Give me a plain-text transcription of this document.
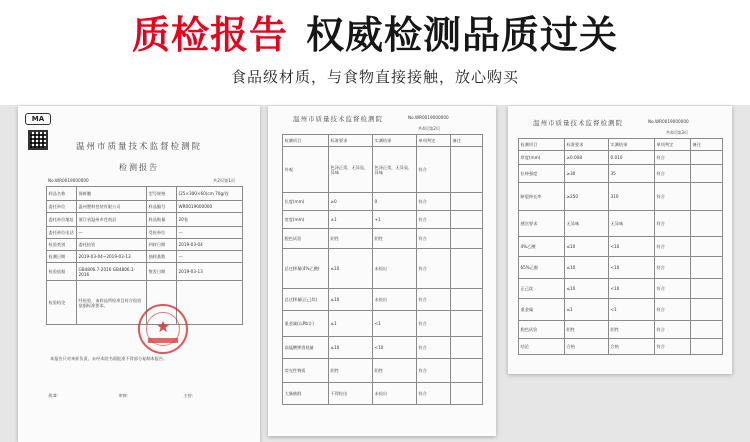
质检报告 权威检测品质过关
食品级材质，与食物直接接触，放心购买
MA
温州市质量技术监督检测院
检测报告
No.WR0019000000	共2页第1页
样品名称	保鲜膜	型号规格	(25×300×60)cm 70g/卷
委托单位	温州塑料包装有限公司	样品编号	WR0019000000
委托单位地址	浙江省温州市苍南县	样品数量	20卷
委托单位电话	—	受检单位	—
检验类别	委托检验	到样日期	2019-03-04
检测日期	2019-03-04~2019-03-13	抽样基数	—
检验依据	GB4806.7-2016 GB4806.1-2016	签发日期	2019-03-13
检验结论	经检验，该样品所检项目符合检验依据标准要求。		
★
本报告只对来样负责，未经本院书面批准不得部分复制本报告。
批准：	审核：	主检：
温州市质量技术监督检测院	No.WR0019000000
共4页第2页
检测项目	标准要求	实测结果	单项判定	备注
外观	色泽正常，无异臭、异味	色泽正常，无异臭、异味	符合	
长度(mm)	≥0	0	符合	
宽度(mm)	±1	+1	符合	
脱色试验	阴性	阴性	符合	
总迁移量(4%乙酸)	≤10	未检出	符合	
总迁移量(正己烷)	≤10	未检出	符合	
重金属(以Pb计)	≤1	<1	符合	
高锰酸钾消耗量	≤10	<10	符合	
荧光性物质	阴性	阴性	符合	
大肠菌群	不得检出	未检出	符合	
温州市质量技术监督检测院	No.WR0019000000
共4页第3页
检测项目	标准要求	实测结果	单项判定	备注
厚度(mm)	≥0.008	0.010	符合	
拉伸强度	≥30	35	符合	
断裂伸长率	≥250	310	符合	
感官要求	无异味	无异味	符合	
4%乙酸	≤10	<10	符合	
65%乙醇	≤10	<10	符合	
正己烷	≤10	<10	符合	
重金属	≤1	<1	符合	
脱色试验	阴性	阴性	符合	
结论	合格	合格	符合	
